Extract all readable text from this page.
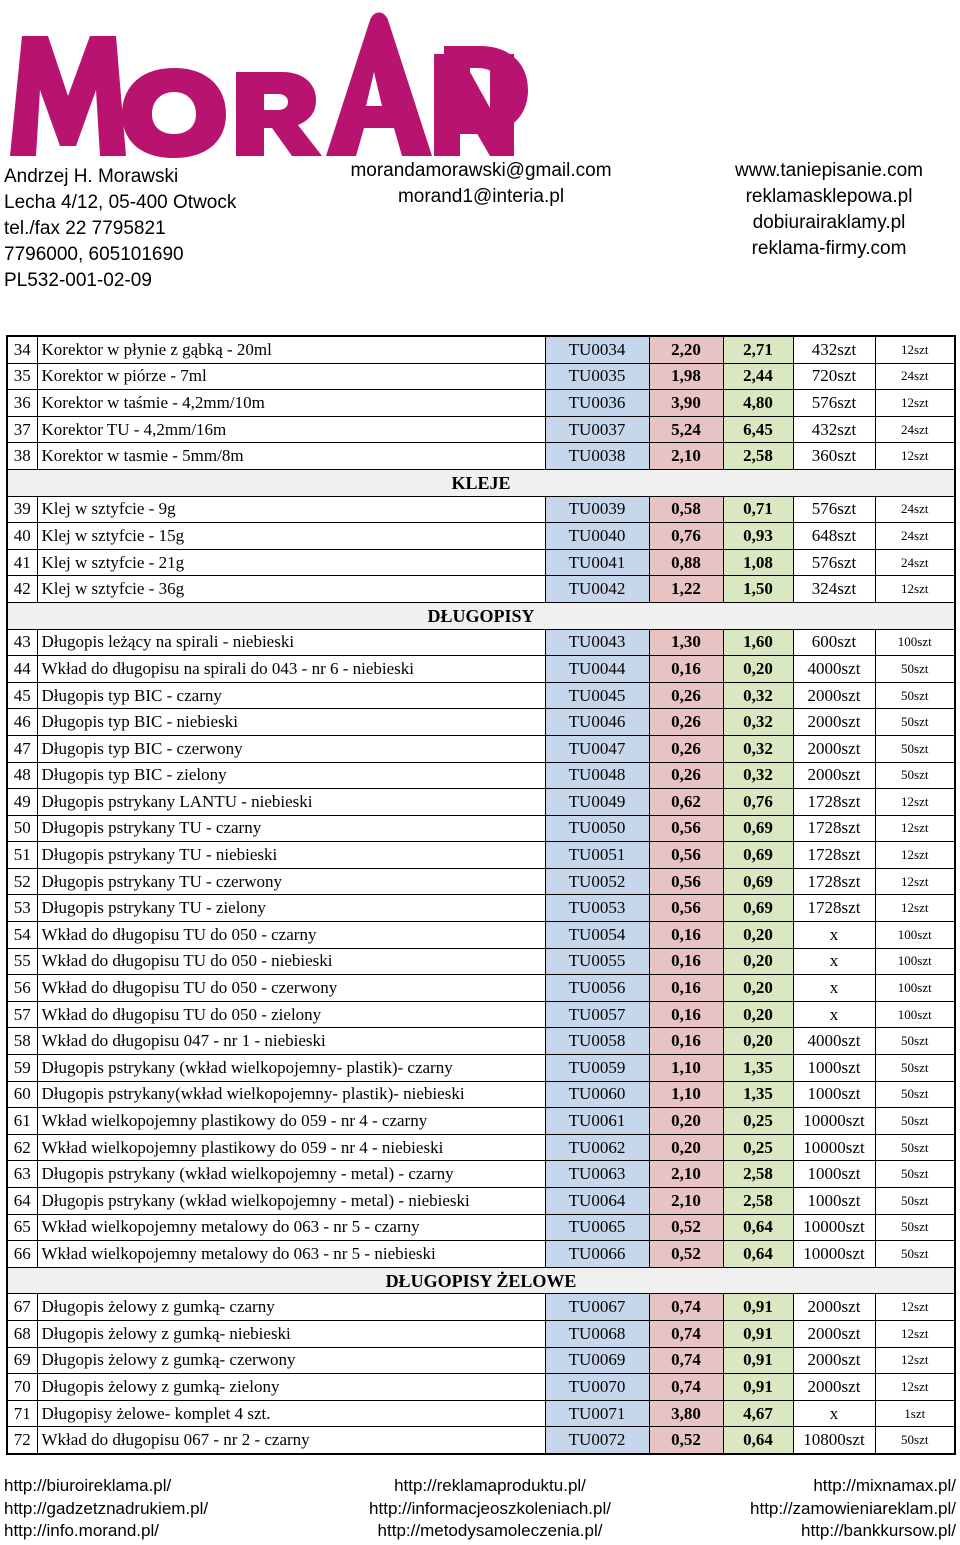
Andrzej H. Morawski
Lecha 4/12, 05-400 Otwock
tel./fax 22 7795821
7796000, 605101690
PL532-001-02-09
morandamorawski@gmail.com
morand1@interia.pl
www.taniepisanie.com
reklamasklepowa.pl
dobiurairaklamy.pl
reklama-firmy.com
34	Korektor w płynie z gąbką - 20ml	TU0034	2,20	2,71	432szt	12szt
35	Korektor w piórze - 7ml	TU0035	1,98	2,44	720szt	24szt
36	Korektor w taśmie - 4,2mm/10m	TU0036	3,90	4,80	576szt	12szt
37	Korektor TU - 4,2mm/16m	TU0037	5,24	6,45	432szt	24szt
38	Korektor w tasmie - 5mm/8m	TU0038	2,10	2,58	360szt	12szt
KLEJE						
39	Klej w sztyfcie - 9g	TU0039	0,58	0,71	576szt	24szt
40	Klej w sztyfcie - 15g	TU0040	0,76	0,93	648szt	24szt
41	Klej w sztyfcie - 21g	TU0041	0,88	1,08	576szt	24szt
42	Klej w sztyfcie - 36g	TU0042	1,22	1,50	324szt	12szt
DŁUGOPISY						
43	Długopis leżący na spirali - niebieski	TU0043	1,30	1,60	600szt	100szt
44	Wkład do długopisu na spirali do 043 - nr 6 - niebieski	TU0044	0,16	0,20	4000szt	50szt
45	Długopis typ BIC - czarny	TU0045	0,26	0,32	2000szt	50szt
46	Długopis typ BIC - niebieski	TU0046	0,26	0,32	2000szt	50szt
47	Długopis typ BIC - czerwony	TU0047	0,26	0,32	2000szt	50szt
48	Długopis typ BIC - zielony	TU0048	0,26	0,32	2000szt	50szt
49	Długopis pstrykany LANTU - niebieski	TU0049	0,62	0,76	1728szt	12szt
50	Długopis pstrykany TU - czarny	TU0050	0,56	0,69	1728szt	12szt
51	Długopis pstrykany TU - niebieski	TU0051	0,56	0,69	1728szt	12szt
52	Długopis pstrykany TU - czerwony	TU0052	0,56	0,69	1728szt	12szt
53	Długopis pstrykany TU - zielony	TU0053	0,56	0,69	1728szt	12szt
54	Wkład do długopisu TU do 050 - czarny	TU0054	0,16	0,20	x	100szt
55	Wkład do długopisu TU do 050 - niebieski	TU0055	0,16	0,20	x	100szt
56	Wkład do długopisu TU do 050 - czerwony	TU0056	0,16	0,20	x	100szt
57	Wkład do długopisu TU do 050 - zielony	TU0057	0,16	0,20	x	100szt
58	Wkład do długopisu 047 - nr 1 - niebieski	TU0058	0,16	0,20	4000szt	50szt
59	Długopis pstrykany (wkład wielkopojemny- plastik)- czarny	TU0059	1,10	1,35	1000szt	50szt
60	Długopis pstrykany(wkład wielkopojemny- plastik)- niebieski	TU0060	1,10	1,35	1000szt	50szt
61	Wkład wielkopojemny plastikowy do 059 - nr 4 - czarny	TU0061	0,20	0,25	10000szt	50szt
62	Wkład wielkopojemny plastikowy do 059 - nr 4 - niebieski	TU0062	0,20	0,25	10000szt	50szt
63	Długopis pstrykany (wkład wielkopojemny - metal) - czarny	TU0063	2,10	2,58	1000szt	50szt
64	Długopis pstrykany (wkład wielkopojemny - metal) - niebieski	TU0064	2,10	2,58	1000szt	50szt
65	Wkład wielkopojemny metalowy do 063 - nr 5 - czarny	TU0065	0,52	0,64	10000szt	50szt
66	Wkład wielkopojemny metalowy do 063 - nr 5 - niebieski	TU0066	0,52	0,64	10000szt	50szt
DŁUGOPISY ŻELOWE						
67	Długopis żelowy z gumką- czarny	TU0067	0,74	0,91	2000szt	12szt
68	Długopis żelowy z gumką- niebieski	TU0068	0,74	0,91	2000szt	12szt
69	Długopis żelowy z gumką- czerwony	TU0069	0,74	0,91	2000szt	12szt
70	Długopis żelowy z gumką- zielony	TU0070	0,74	0,91	2000szt	12szt
71	Długopisy żelowe- komplet 4 szt.	TU0071	3,80	4,67	x	1szt
72	Wkład do długopisu 067 - nr 2 - czarny	TU0072	0,52	0,64	10800szt	50szt
http://biuroireklama.pl/
http://gadzetznadrukiem.pl/
http://info.morand.pl/
http://reklamaproduktu.pl/
http://informacjeoszkoleniach.pl/
http://metodysamoleczenia.pl/
http://mixnamax.pl/
http://zamowieniareklam.pl/
http://bankkursow.pl/
